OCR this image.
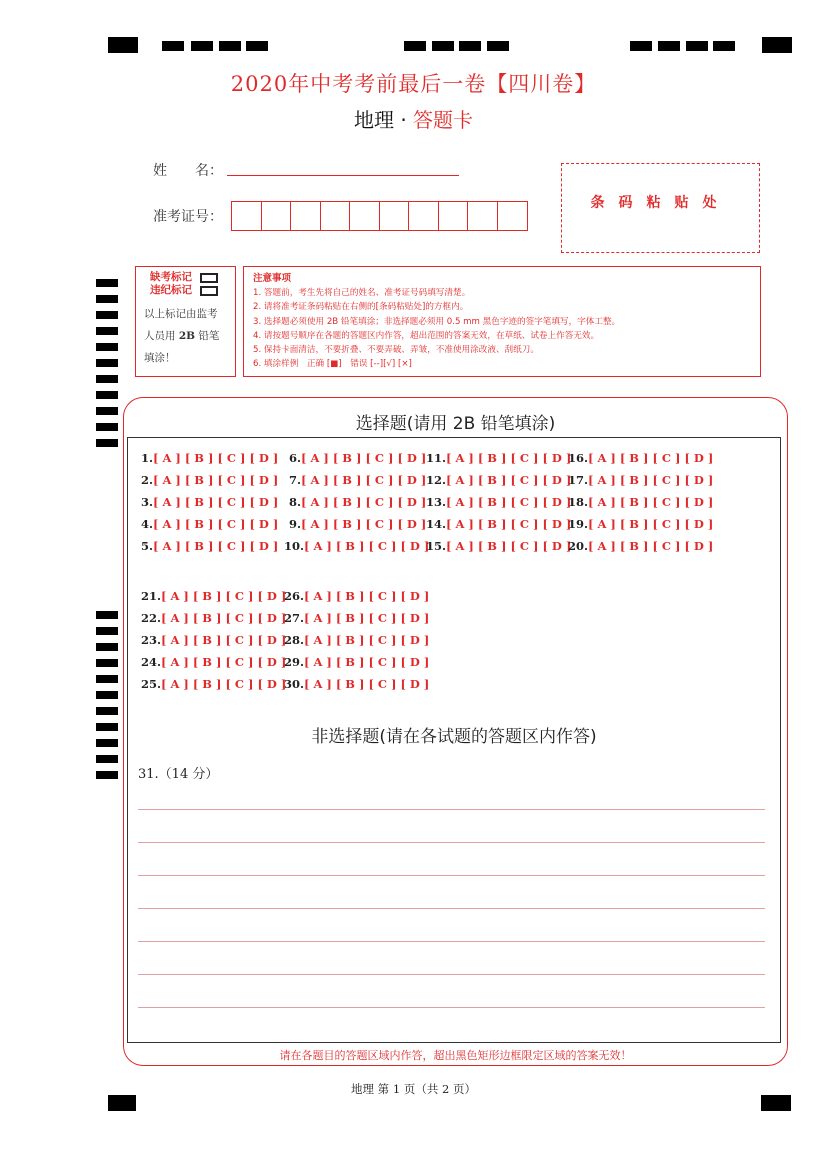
2020年中考考前最后一卷【四川卷】
地理 · 答题卡
姓　　名：
准考证号：
条码粘贴处
缺考标记
违纪标记
以上标记由监考
人员用 2B 铅笔
填涂！
注意事项
1. 答题前，考生先将自己的姓名、准考证号码填写清楚。
2. 请将准考证条码粘贴在右侧的[条码粘贴处]的方框内。
3. 选择题必须使用 2B 铅笔填涂；非选择题必须用 0.5 mm 黑色字迹的签字笔填写，字体工整。
4. 请按题号顺序在各题的答题区内作答，超出范围的答案无效，在草纸、试卷上作答无效。
5. 保持卡面清洁，不要折叠、不要弄破、弄皱，不准使用涂改液、刮纸刀。
6. 填涂样例　正确 [■]　错误 [--][√] [×]
选择题(请用 2B 铅笔填涂)
1.[ A ] [ B ] [ C ] [ D ]
2.[ A ] [ B ] [ C ] [ D ]
3.[ A ] [ B ] [ C ] [ D ]
4.[ A ] [ B ] [ C ] [ D ]
5.[ A ] [ B ] [ C ] [ D ]
6.[ A ] [ B ] [ C ] [ D ]
7.[ A ] [ B ] [ C ] [ D ]
8.[ A ] [ B ] [ C ] [ D ]
9.[ A ] [ B ] [ C ] [ D ]
10.[ A ] [ B ] [ C ] [ D ]
11.[ A ] [ B ] [ C ] [ D ]
12.[ A ] [ B ] [ C ] [ D ]
13.[ A ] [ B ] [ C ] [ D ]
14.[ A ] [ B ] [ C ] [ D ]
15.[ A ] [ B ] [ C ] [ D ]
16.[ A ] [ B ] [ C ] [ D ]
17.[ A ] [ B ] [ C ] [ D ]
18.[ A ] [ B ] [ C ] [ D ]
19.[ A ] [ B ] [ C ] [ D ]
20.[ A ] [ B ] [ C ] [ D ]
21.[ A ] [ B ] [ C ] [ D ]
22.[ A ] [ B ] [ C ] [ D ]
23.[ A ] [ B ] [ C ] [ D ]
24.[ A ] [ B ] [ C ] [ D ]
25.[ A ] [ B ] [ C ] [ D ]
26.[ A ] [ B ] [ C ] [ D ]
27.[ A ] [ B ] [ C ] [ D ]
28.[ A ] [ B ] [ C ] [ D ]
29.[ A ] [ B ] [ C ] [ D ]
30.[ A ] [ B ] [ C ] [ D ]
非选择题(请在各试题的答题区内作答)
31.（14 分）
请在各题目的答题区域内作答，超出黑色矩形边框限定区域的答案无效！
地理 第 1 页（共 2 页）
